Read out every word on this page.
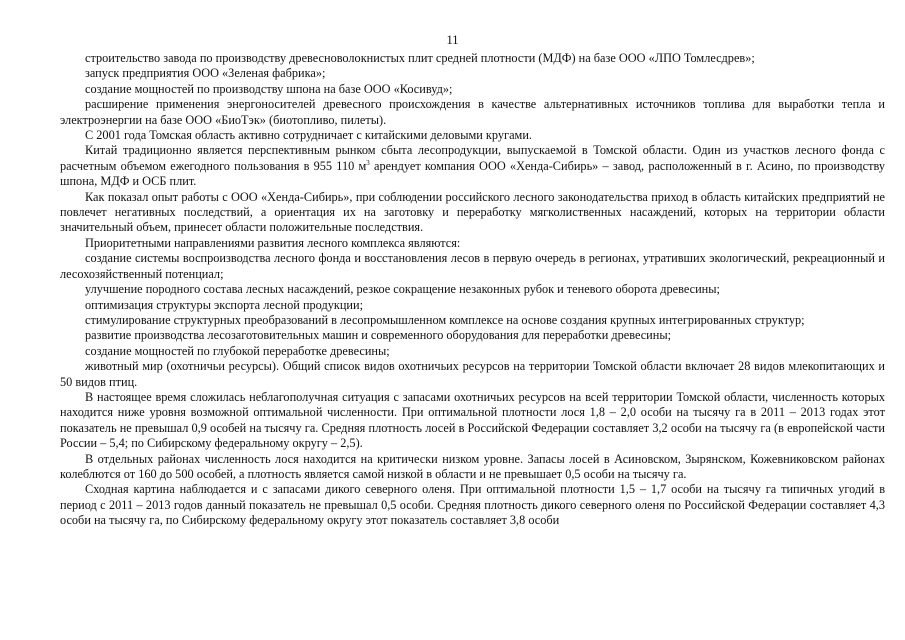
11

строительство завода по производству древесноволокнистых плит средней плотности (МДФ) на базе ООО «ЛПО Томлесдрев»;

запуск предприятия ООО «Зеленая фабрика»;

создание мощностей по производству шпона на базе ООО «Косивуд»;

расширение применения энергоносителей древесного происхождения в качестве альтернативных источников топлива для выработки тепла и электроэнергии на базе ООО «БиоТэк» (биотопливо, пилеты).

С 2001 года Томская область активно сотрудничает с китайскими деловыми кругами.

Китай традиционно является перспективным рынком сбыта лесопродукции, выпускаемой в Томской области. Один из участков лесного фонда с расчетным объемом ежегодного пользования в 955 110 $м^3$ арендует компания ООО «Хенда-Сибирь» – завод, расположенный в г. Асино, по производству шпона, МДФ и ОСБ плит.

Как показал опыт работы с ООО «Хенда-Сибирь», при соблюдении российского лесного законодательства приход в область китайских предприятий не повлечет негативных последствий, а ориентация их на заготовку и переработку мягколиственных насаждений, которых на территории области значительный объем, принесет области положительные последствия.

Приоритетными направлениями развития лесного комплекса являются:

создание системы воспроизводства лесного фонда и восстановления лесов в первую очередь в регионах, утративших экологический, рекреационный и лесохозяйственный потенциал;

улучшение породного состава лесных насаждений, резкое сокращение незаконных рубок и теневого оборота древесины;

оптимизация структуры экспорта лесной продукции;

стимулирование структурных преобразований в лесопромышленном комплексе на основе создания крупных интегрированных структур;

развитие производства лесозаготовительных машин и современного оборудования для переработки древесины;

создание мощностей по глубокой переработке древесины;

животный мир (охотничьи ресурсы). Общий список видов охотничьих ресурсов на территории Томской области включает 28 видов млекопитающих и 50 видов птиц.

В настоящее время сложилась неблагополучная ситуация с запасами охотничьих ресурсов на всей территории Томской области, численность которых находится ниже уровня возможной оптимальной численности. При оптимальной плотности лося 1,8 – 2,0 особи на тысячу га в 2011 – 2013 годах этот показатель не превышал 0,9 особей на тысячу га. Средняя плотность лосей в Российской Федерации составляет 3,2 особи на тысячу га (в европейской части России – 5,4; по Сибирскому федеральному округу – 2,5).

В отдельных районах численность лося находится на критически низком уровне. Запасы лосей в Асиновском, Зырянском, Кожевниковском районах колеблются от 160 до 500 особей, а плотность является самой низкой в области и не превышает 0,5 особи на тысячу га.

Сходная картина наблюдается и с запасами дикого северного оленя. При оптимальной плотности 1,5 – 1,7 особи на тысячу га типичных угодий в период с 2011 – 2013 годов данный показатель не превышал 0,5 особи. Средняя плотность дикого северного оленя по Российской Федерации составляет 4,3 особи на тысячу га, по Сибирскому федеральному округу этот показатель составляет 3,8 особи
